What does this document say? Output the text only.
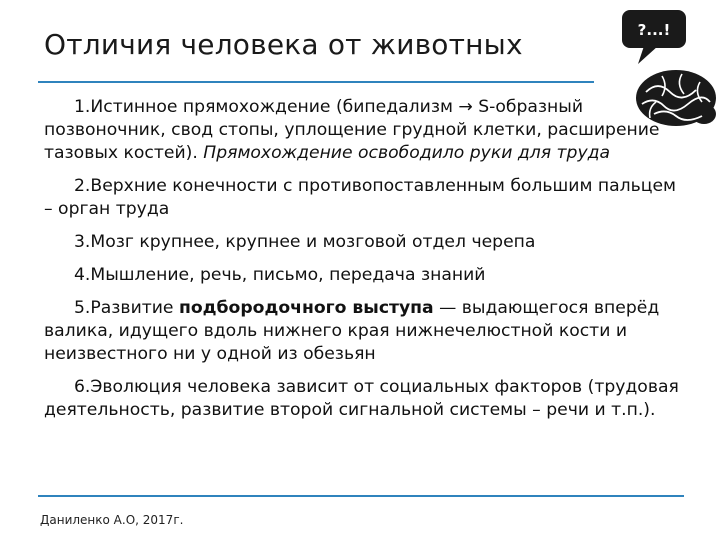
Отличия человека от животных	?...!

1.Истинное прямохождение (бипедализм → S-образный позвоночник, свод стопы, уплощение грудной клетки, расширение тазовых костей). Прямохождение освободило руки для труда

2.Верхние конечности с противопоставленным большим пальцем – орган труда

3.Мозг крупнее, крупнее и мозговой отдел черепа

4.Мышление, речь, письмо, передача знаний

5.Развитие подбородочного выступа — выдающегося вперёд валика, идущего вдоль нижнего края нижнечелюстной кости и неизвестного ни у одной из обезьян

6.Эволюция человека зависит от социальных факторов (трудовая деятельность, развитие второй сигнальной системы – речи и т.п.).

Даниленко А.О, 2017г.
